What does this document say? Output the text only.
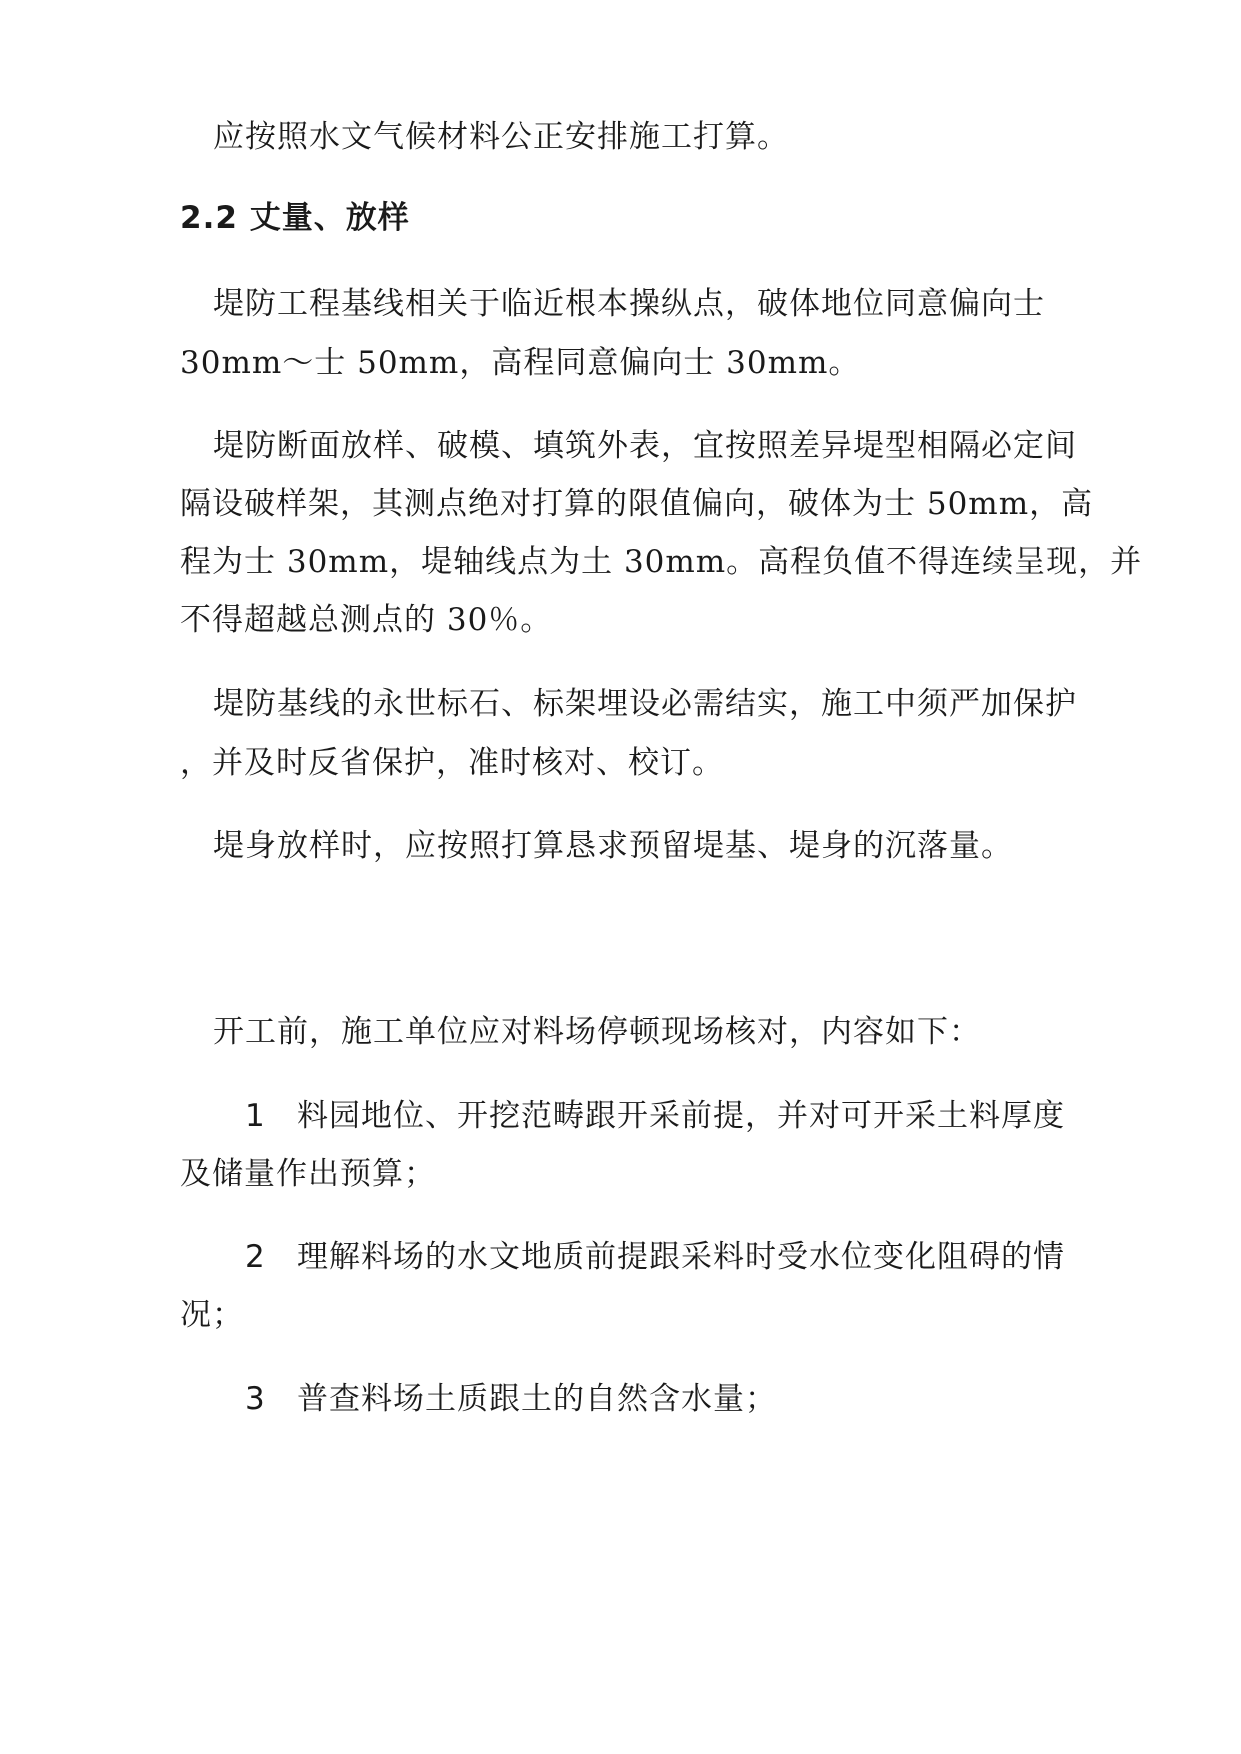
应按照水文气候材料公正安排施工打算。
2.2 丈量、放样
堤防工程基线相关于临近根本操纵点，破体地位同意偏向士
30mm～士 50mm，高程同意偏向士 30mm。
堤防断面放样、破模、填筑外表，宜按照差异堤型相隔必定间
隔设破样架，其测点绝对打算的限值偏向，破体为士 50mm，高
程为士 30mm，堤轴线点为土 30mm。高程负值不得连续呈现，并
不得超越总测点的 30％。
堤防基线的永世标石、标架埋设必需结实，施工中须严加保护
，并及时反省保护，准时核对、校订。
堤身放样时，应按照打算恳求预留堤基、堤身的沉落量。
开工前，施工单位应对料场停顿现场核对，内容如下：
1 料园地位、开挖范畴跟开采前提，并对可开采土料厚度
及储量作出预算；
2 理解料场的水文地质前提跟采料时受水位变化阻碍的情
况；
3 普查料场土质跟土的自然含水量；
